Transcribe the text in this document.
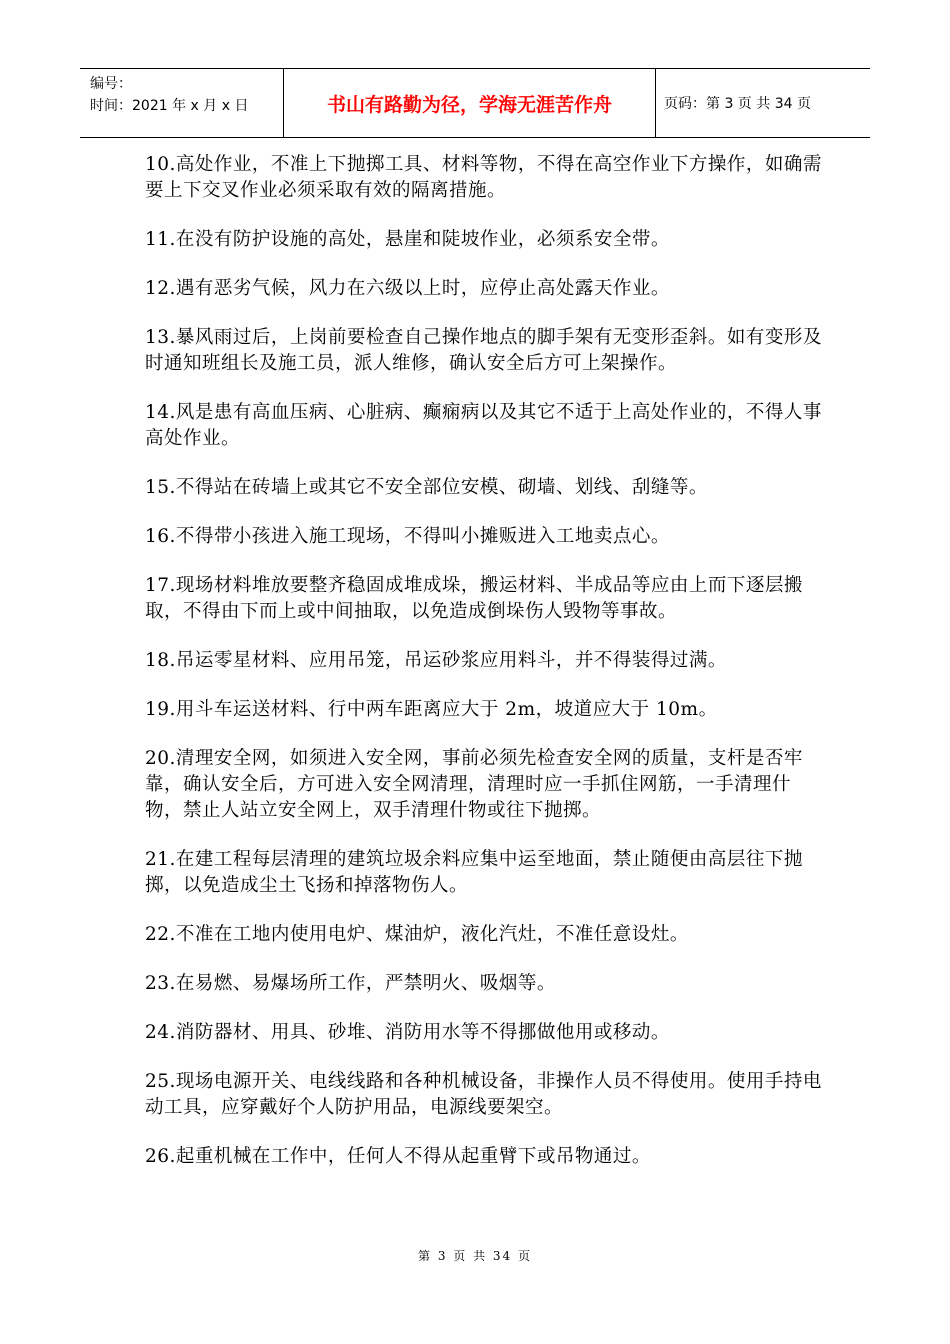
编号：
时间：2021 年 x 月 x 日	书山有路勤为径，学海无涯苦作舟	页码：第 3 页 共 34 页

10.高处作业，不准上下抛掷工具、材料等物，不得在高空作业下方操作，如确需要上下交叉作业必须采取有效的隔离措施。

11.在没有防护设施的高处，悬崖和陡坡作业，必须系安全带。

12.遇有恶劣气候，风力在六级以上时，应停止高处露天作业。

13.暴风雨过后，上岗前要检查自己操作地点的脚手架有无变形歪斜。如有变形及时通知班组长及施工员，派人维修，确认安全后方可上架操作。

14.风是患有高血压病、心脏病、癫痫病以及其它不适于上高处作业的，不得人事高处作业。

15.不得站在砖墙上或其它不安全部位安模、砌墙、划线、刮缝等。

16.不得带小孩进入施工现场，不得叫小摊贩进入工地卖点心。

17.现场材料堆放要整齐稳固成堆成垛，搬运材料、半成品等应由上而下逐层搬取，不得由下而上或中间抽取，以免造成倒垛伤人毁物等事故。

18.吊运零星材料、应用吊笼，吊运砂浆应用料斗，并不得装得过满。

19.用斗车运送材料、行中两车距离应大于 2m，坡道应大于 10m。

20.清理安全网，如须进入安全网，事前必须先检查安全网的质量，支杆是否牢靠，确认安全后，方可进入安全网清理，清理时应一手抓住网筋，一手清理什物，禁止人站立安全网上，双手清理什物或往下抛掷。

21.在建工程每层清理的建筑垃圾余料应集中运至地面，禁止随便由高层往下抛掷，以免造成尘土飞扬和掉落物伤人。

22.不准在工地内使用电炉、煤油炉，液化汽灶，不准任意设灶。

23.在易燃、易爆场所工作，严禁明火、吸烟等。

24.消防器材、用具、砂堆、消防用水等不得挪做他用或移动。

25.现场电源开关、电线线路和各种机械设备，非操作人员不得使用。使用手持电动工具，应穿戴好个人防护用品，电源线要架空。

26.起重机械在工作中，任何人不得从起重臂下或吊物通过。

第 3 页 共 34 页
